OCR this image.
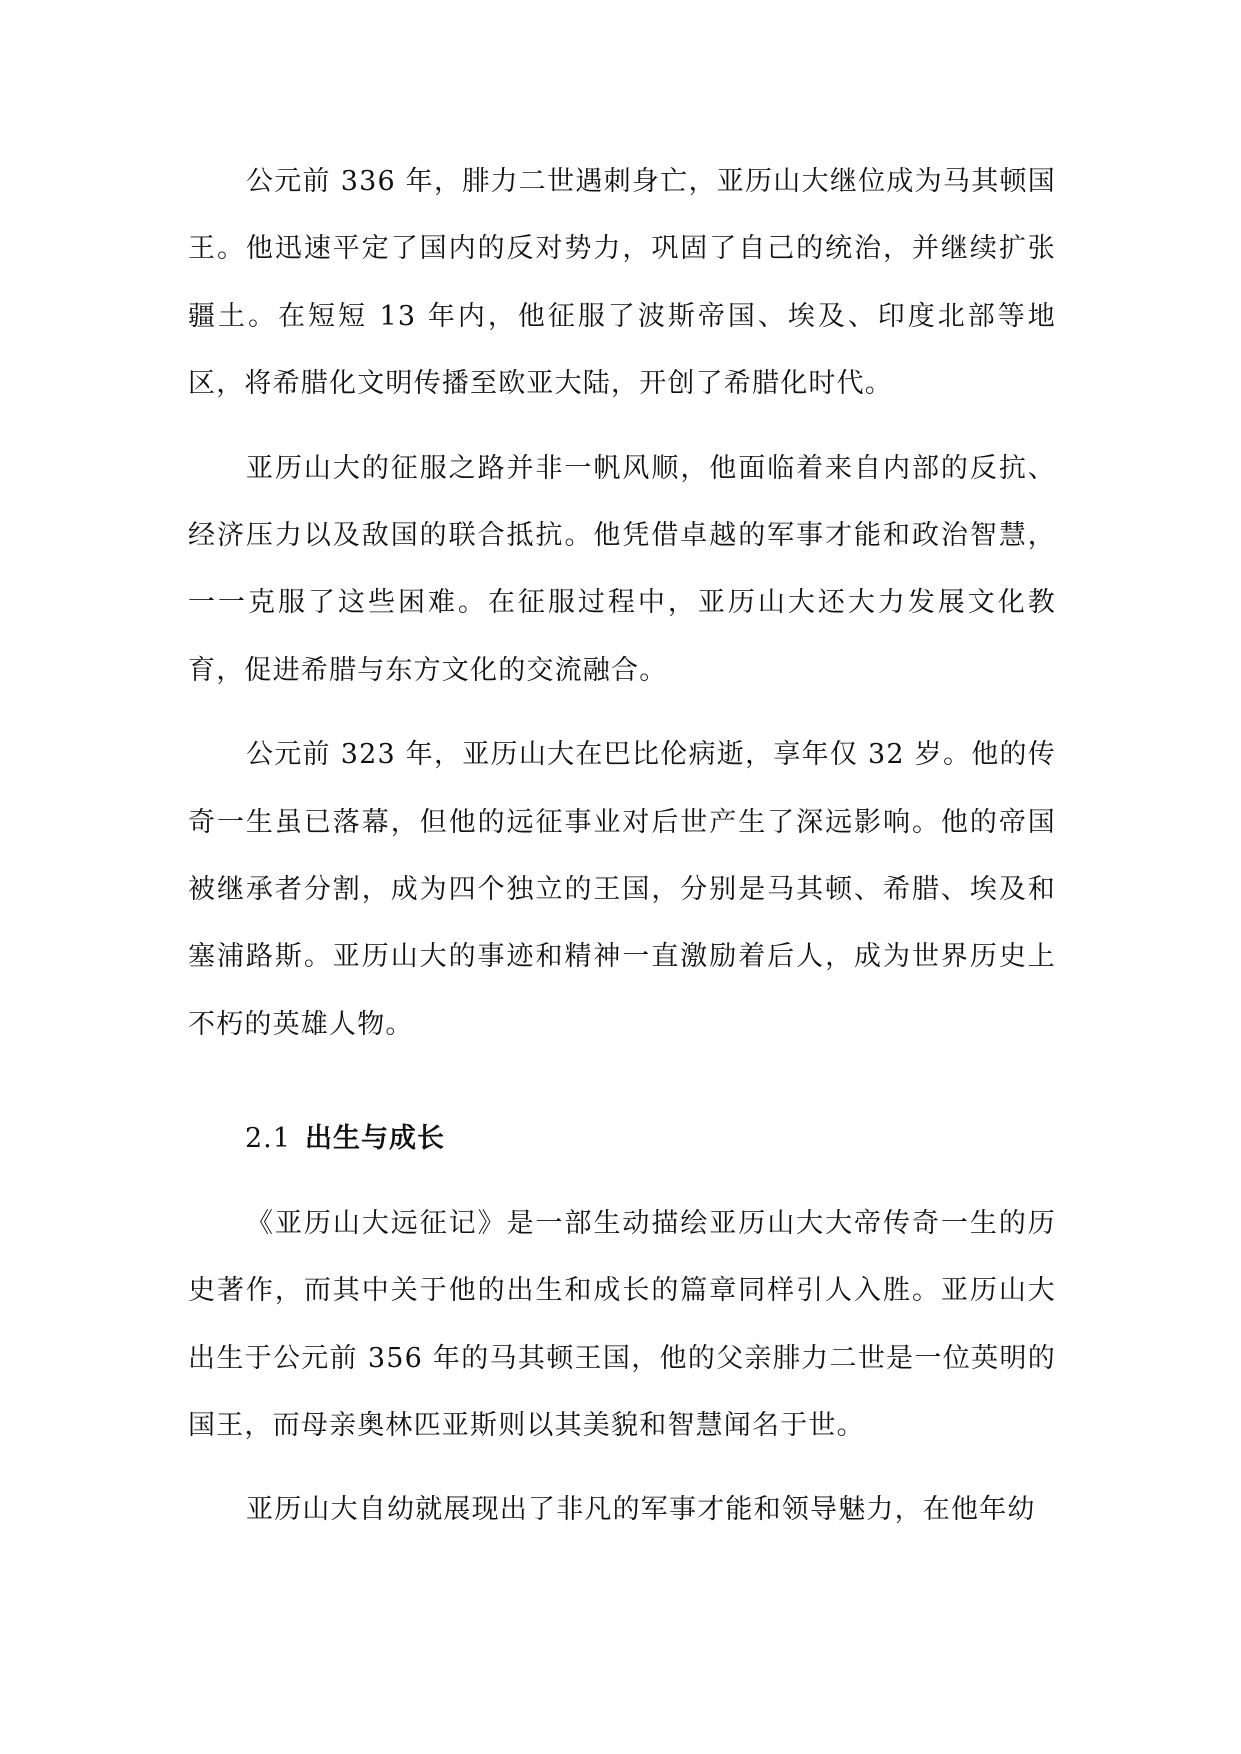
公元前 336 年，腓力二世遇刺身亡，亚历山大继位成为马其顿国王。他迅速平定了国内的反对势力，巩固了自己的统治，并继续扩张疆土。在短短 13 年内，他征服了波斯帝国、埃及、印度北部等地区，将希腊化文明传播至欧亚大陆，开创了希腊化时代。

亚历山大的征服之路并非一帆风顺，他面临着来自内部的反抗、经济压力以及敌国的联合抵抗。他凭借卓越的军事才能和政治智慧，一一克服了这些困难。在征服过程中，亚历山大还大力发展文化教育，促进希腊与东方文化的交流融合。

公元前 323 年，亚历山大在巴比伦病逝，享年仅 32 岁。他的传奇一生虽已落幕，但他的远征事业对后世产生了深远影响。他的帝国被继承者分割，成为四个独立的王国，分别是马其顿、希腊、埃及和塞浦路斯。亚历山大的事迹和精神一直激励着后人，成为世界历史上不朽的英雄人物。

2.1 出生与成长

《亚历山大远征记》是一部生动描绘亚历山大大帝传奇一生的历史著作，而其中关于他的出生和成长的篇章同样引人入胜。亚历山大出生于公元前 356 年的马其顿王国，他的父亲腓力二世是一位英明的国王，而母亲奥林匹亚斯则以其美貌和智慧闻名于世。

亚历山大自幼就展现出了非凡的军事才能和领导魅力，在他年幼
